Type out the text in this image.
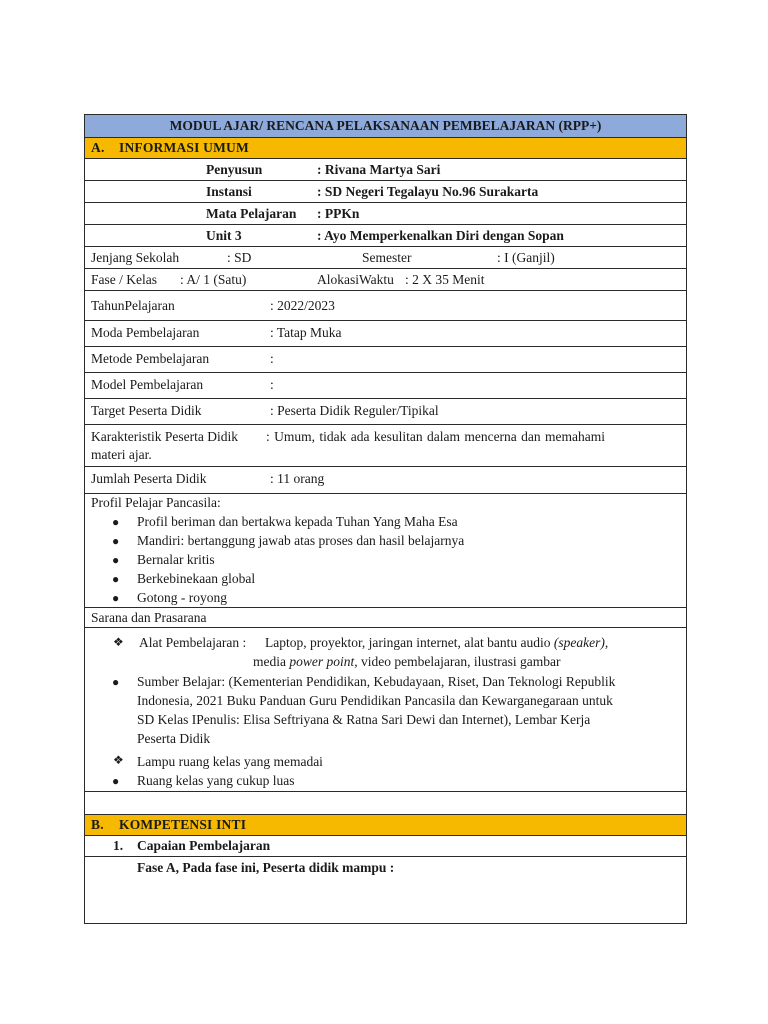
MODUL AJAR/ RENCANA PELAKSANAAN PEMBELAJARAN (RPP+)
A. INFORMASI UMUM
Penyusun	: Rivana Martya Sari
Instansi	: SD Negeri Tegalayu No.96 Surakarta
Mata Pelajaran : PPKn
Unit 3	: Ayo Memperkenalkan Diri dengan Sopan
Jenjang Sekolah	: SD	Semester	: I (Ganjil)
Fase / Kelas : A/ 1 (Satu)	AlokasiWaktu : 2 X 35 Menit
TahunPelajaran	: 2022/2023
Moda Pembelajaran	: Tatap Muka
Metode Pembelajaran	:
Model Pembelajaran	:
Target Peserta Didik	: Peserta Didik Reguler/Tipikal
Karakteristik Peserta Didik : Umum, tidak ada kesulitan dalam mencerna dan memahami
materi ajar.
Jumlah Peserta Didik	: 11 orang
Profil Pelajar Pancasila:
● Profil beriman dan bertakwa kepada Tuhan Yang Maha Esa
● Mandiri: bertanggung jawab atas proses dan hasil belajarnya
● Bernalar kritis
● Berkebinekaan global
● Gotong - royong
Sarana dan Prasarana
❖ Alat Pembelajaran : Laptop, proyektor, jaringan internet, alat bantu audio (speaker),
media power point, video pembelajaran, ilustrasi gambar
● Sumber Belajar: (Kementerian Pendidikan, Kebudayaan, Riset, Dan Teknologi Republik
Indonesia, 2021 Buku Panduan Guru Pendidikan Pancasila dan Kewarganegaraan untuk
SD Kelas IPenulis: Elisa Seftriyana & Ratna Sari Dewi dan Internet), Lembar Kerja
Peserta Didik
❖ Lampu ruang kelas yang memadai
● Ruang kelas yang cukup luas
B. KOMPETENSI INTI
1. Capaian Pembelajaran
Fase A, Pada fase ini, Peserta didik mampu :
